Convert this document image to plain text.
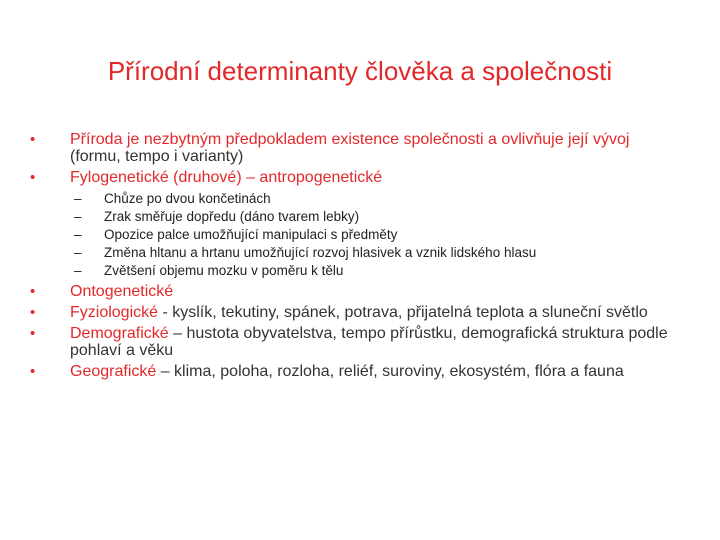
Přírodní determinanty člověka a společnosti
•	Příroda je nezbytným předpokladem existence společnosti a ovlivňuje její vývoj (formu, tempo i varianty)
•	Fylogenetické (druhové) – antropogenetické
– Chůze po dvou končetinách
– Zrak směřuje dopředu (dáno tvarem lebky)
– Opozice palce umožňující manipulaci s předměty
– Změna hltanu a hrtanu umožňující rozvoj hlasivek a vznik lidského hlasu
– Zvětšení objemu mozku v poměru k tělu
•	Ontogenetické
•	Fyziologické - kyslík, tekutiny, spánek, potrava, přijatelná teplota a sluneční světlo
•	Demografické – hustota obyvatelstva, tempo přírůstku, demografická struktura podle pohlaví a věku
•	Geografické – klima, poloha, rozloha, reliéf, suroviny, ekosystém, flóra a fauna
